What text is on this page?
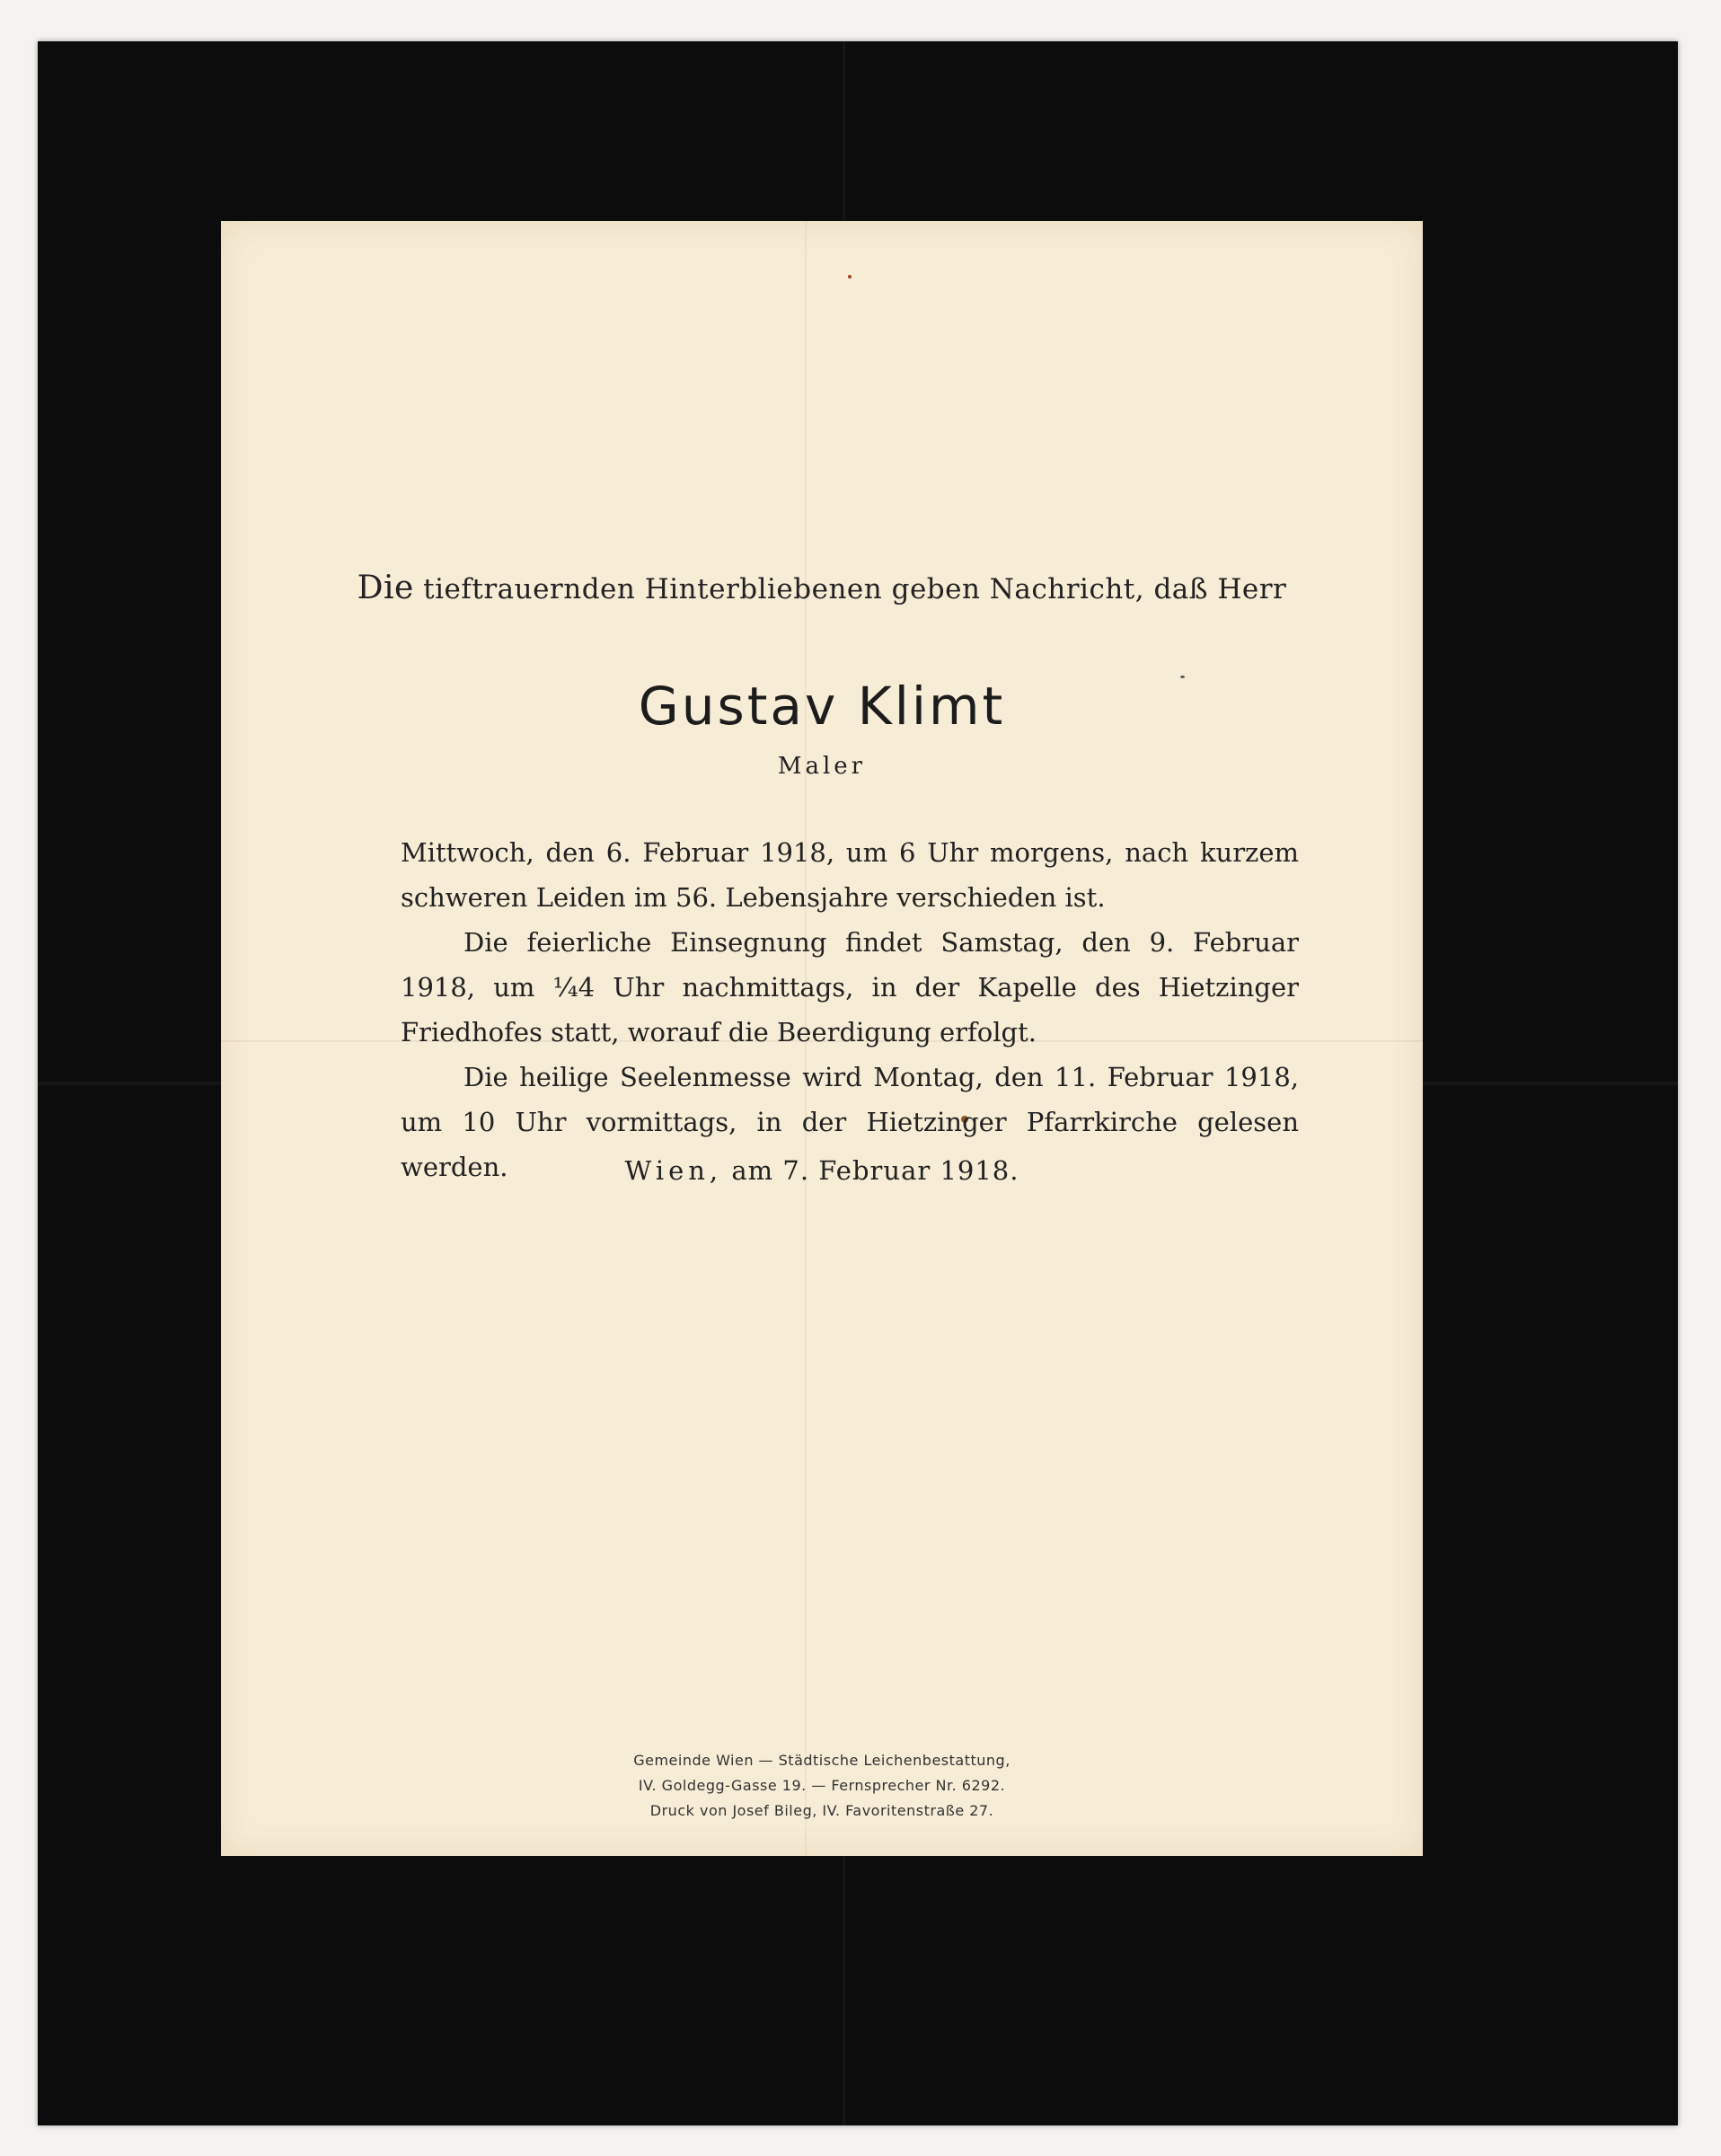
Die tieftrauernden Hinterbliebenen geben Nachricht, daß Herr
Gustav Klimt
Maler

Mittwoch, den 6. Februar 1918, um 6 Uhr morgens, nach kurzem schweren Leiden im 56. Lebensjahre verschieden ist.

Die feierliche Einsegnung findet Samstag, den 9. Februar 1918, um ¼4 Uhr nachmittags, in der Kapelle des Hietzinger Friedhofes statt, worauf die Beerdigung erfolgt.

Die heilige Seelenmesse wird Montag, den 11. Februar 1918, um 10 Uhr vormittags, in der Hietzinger Pfarrkirche gelesen werden.	Wien, am 7. Februar 1918.
Gemeinde Wien — Städtische Leichenbestattung,
IV. Goldegg-Gasse 19. — Fernsprecher Nr. 6292.
Druck von Josef Bileg, IV. Favoritenstraße 27.
